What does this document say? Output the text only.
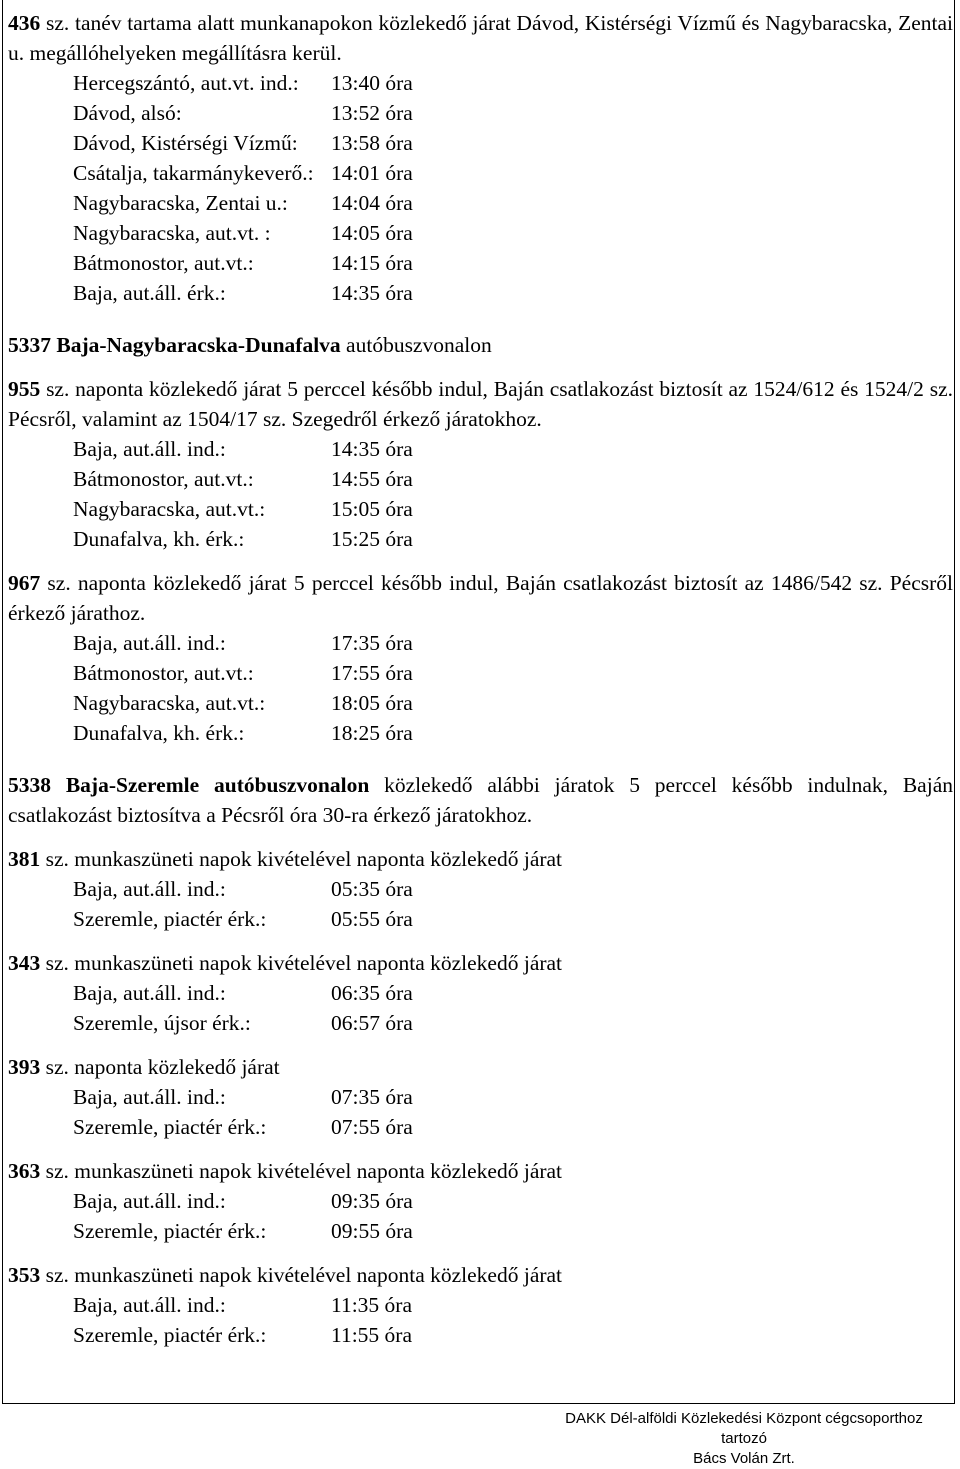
436 sz. tanév tartama alatt munkanapokon közlekedő járat Dávod, Kistérségi Vízmű és Nagybaracska, Zentai u. megállóhelyeken megállításra kerül.
Hercegszántó, aut.vt. ind.:	13:40 óra
Dávod, alsó:	13:52 óra
Dávod, Kistérségi Vízmű:	13:58 óra
Csátalja, takarmánykeverő.: 14:01 óra
Nagybaracska, Zentai u.:	14:04 óra
Nagybaracska, aut.vt. :	14:05 óra
Bátmonostor, aut.vt.:	14:15 óra
Baja, aut.áll. érk.:	14:35 óra
5337 Baja-Nagybaracska-Dunafalva autóbuszvonalon
955 sz. naponta közlekedő járat 5 perccel később indul, Baján csatlakozást biztosít az 1524/612 és 1524/2 sz. Pécsről, valamint az 1504/17 sz. Szegedről érkező járatokhoz.
Baja, aut.áll. ind.:	14:35 óra
Bátmonostor, aut.vt.:	14:55 óra
Nagybaracska, aut.vt.:	15:05 óra
Dunafalva, kh. érk.:	15:25 óra
967 sz. naponta közlekedő járat 5 perccel később indul, Baján csatlakozást biztosít az 1486/542 sz. Pécsről érkező járathoz.
Baja, aut.áll. ind.:	17:35 óra
Bátmonostor, aut.vt.:	17:55 óra
Nagybaracska, aut.vt.:	18:05 óra
Dunafalva, kh. érk.:	18:25 óra
5338 Baja-Szeremle autóbuszvonalon közlekedő alábbi járatok 5 perccel később indulnak, Baján csatlakozást biztosítva a Pécsről óra 30-ra érkező járatokhoz.
381 sz. munkaszüneti napok kivételével naponta közlekedő járat
Baja, aut.áll. ind.:	05:35 óra
Szeremle, piactér érk.:	05:55 óra
343 sz. munkaszüneti napok kivételével naponta közlekedő járat
Baja, aut.áll. ind.:	06:35 óra
Szeremle, újsor érk.:	06:57 óra
393 sz. naponta közlekedő járat
Baja, aut.áll. ind.:	07:35 óra
Szeremle, piactér érk.:	07:55 óra
363 sz. munkaszüneti napok kivételével naponta közlekedő járat
Baja, aut.áll. ind.:	09:35 óra
Szeremle, piactér érk.:	09:55 óra
353 sz. munkaszüneti napok kivételével naponta közlekedő járat
Baja, aut.áll. ind.:	11:35 óra
Szeremle, piactér érk.:	11:55 óra
DAKK Dél-alföldi Közlekedési Központ cégcsoporthoz tartozó
Bács Volán Zrt.
